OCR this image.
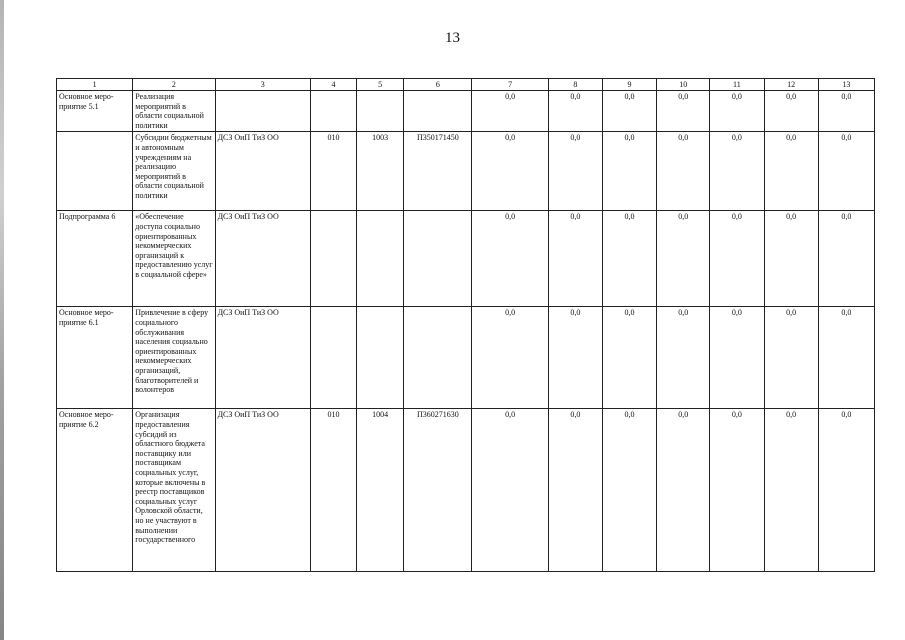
13
1	2	3	4	5	6	7	8	9	10	11	12	13
Основное меро-приятие 5.1	Реализация мероприятий в области социальной политики					0,0	0,0	0,0	0,0	0,0	0,0	0,0
	Субсидии бюджетным и автономным учреждениям на реализацию мероприятий в области социальной политики	ДСЗ ОиП ТиЗ ОО	010	1003	П350171450	0,0	0,0	0,0	0,0	0,0	0,0	0,0
Подпрограмма 6	«Обеспечение доступа социально ориентированных некоммерческих организаций к предоставлению услуг в социальной сфере»	ДСЗ ОиП ТиЗ ОО				0,0	0,0	0,0	0,0	0,0	0,0	0,0
Основное меро-приятие 6.1	Привлечение в сферу социального обслуживания населения социально ориентированных некоммерческих организаций, благотворителей и волонтеров	ДСЗ ОиП ТиЗ ОО				0,0	0,0	0,0	0,0	0,0	0,0	0,0
Основное меро-приятие 6.2	Организация предоставления субсидий из областного бюджета поставщику или поставщикам социальных услуг, которые включены в реестр поставщиков социальных услуг Орловской области, но не участвуют в выполнении государственного	ДСЗ ОиП ТиЗ ОО	010	1004	П360271630	0,0	0,0	0,0	0,0	0,0	0,0	0,0
